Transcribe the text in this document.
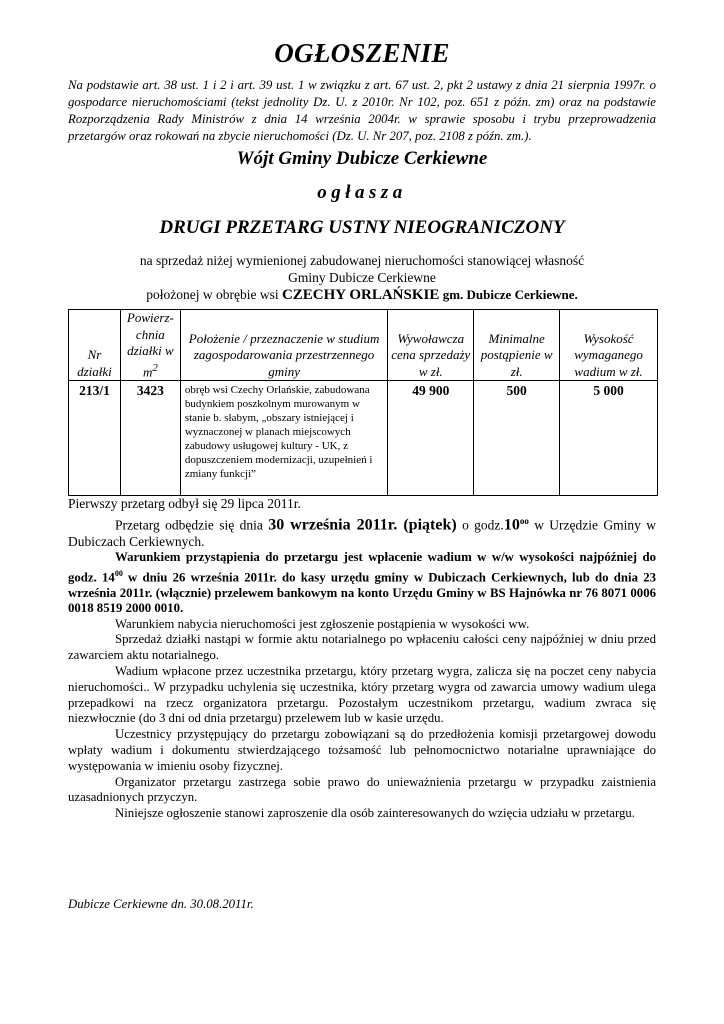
OGŁOSZENIE

Na podstawie art. 38 ust. 1 i 2 i art. 39 ust. 1 w związku z art. 67 ust. 2, pkt 2 ustawy z dnia 21 sierpnia 1997r. o gospodarce nieruchomościami (tekst jednolity Dz. U. z 2010r. Nr 102, poz. 651 z późn. zm) oraz na podstawie Rozporządzenia Rady Ministrów z dnia 14 września 2004r. w sprawie sposobu i trybu przeprowadzenia przetargów oraz rokowań na zbycie nieruchomości (Dz. U. Nr 207, poz. 2108 z późn. zm.).

Wójt Gminy Dubicze Cerkiewne

ogłasza

DRUGI PRZETARG USTNY NIEOGRANICZONY

na sprzedaż niżej wymienionej zabudowanej nieruchomości stanowiącej własność
Gminy Dubicze Cerkiewne
położonej w obrębie wsi CZECHY ORLAŃSKIE gm. Dubicze Cerkiewne.
Nr działki	Powierz-chnia działki w $m^2$	Położenie / przeznaczenie w studium zagospodarowania przestrzennego gminy	Wywoławcza cena sprzedaży w zł.	Minimalne postąpienie w zł.	Wysokość wymaganego wadium w zł.
213/1	3423	obręb wsi Czechy Orlańskie, zabudowana budynkiem poszkolnym murowanym w stanie b. słabym, „obszary istniejącej i wyznaczonej w planach miejscowych zabudowy usługowej kultury - UK, z dopuszczeniem modernizacji, uzupełnień i zmiany funkcji”	49 900	500	5 000

Pierwszy przetarg odbył się 29 lipca 2011r.

Przetarg odbędzie się dnia 30 września 2011r. (piątek) o $godz.10^{oo}$ w Urzędzie Gminy w Dubiczach Cerkiewnych.

Warunkiem przystąpienia do przetargu jest wpłacenie wadium w w/w wysokości najpóźniej do godz. $14^{00}$ w dniu 26 września 2011r. do kasy urzędu gminy w Dubiczach Cerkiewnych, lub do dnia 23 września 2011r. (włącznie) przelewem bankowym na konto Urzędu Gminy w BS Hajnówka nr 76 8071 0006 0018 8519 2000 0010.

Warunkiem nabycia nieruchomości jest zgłoszenie postąpienia w wysokości ww.

Sprzedaż działki nastąpi w formie aktu notarialnego po wpłaceniu całości ceny najpóźniej w dniu przed zawarciem aktu notarialnego.

Wadium wpłacone przez uczestnika przetargu, który przetarg wygra, zalicza się na poczet ceny nabycia nieruchomości.. W przypadku uchylenia się uczestnika, który przetarg wygra od zawarcia umowy wadium ulega przepadkowi na rzecz organizatora przetargu. Pozostałym uczestnikom przetargu, wadium zwraca się niezwłocznie (do 3 dni od dnia przetargu) przelewem lub w kasie urzędu.

Uczestnicy przystępujący do przetargu zobowiązani są do przedłożenia komisji przetargowej dowodu wpłaty wadium i dokumentu stwierdzającego tożsamość lub pełnomocnictwo notarialne uprawniające do występowania w imieniu osoby fizycznej.

Organizator przetargu zastrzega sobie prawo do unieważnienia przetargu w przypadku zaistnienia uzasadnionych przyczyn.

Niniejsze ogłoszenie stanowi zaproszenie dla osób zainteresowanych do wzięcia udziału w przetargu.

Dubicze Cerkiewne dn. 30.08.2011r.
